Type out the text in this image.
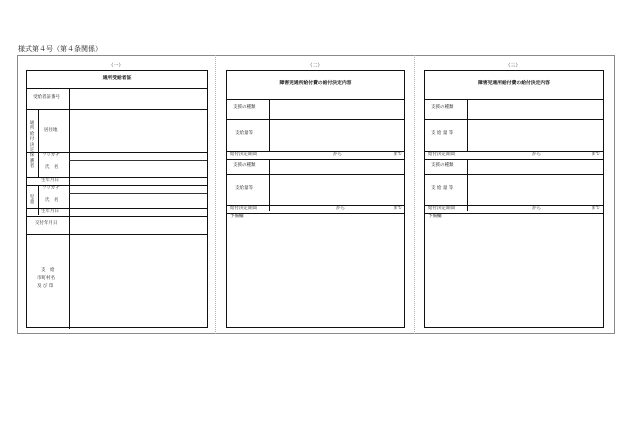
様式第４号（第４条関係）
（一）
通所受給者証
受給者証番号
通所給付決定保護者
居住地
フリガナ
氏　名
生年月日
児童
フリガナ
氏　名
生年月日
交付年月日
支　給
市町村名
及 び 印
（二）
障害児通所給付費の給付決定内容
支援の種類
支給量等
給付決定期間	から	まで
支援の種類
支給量等
給付決定期間	から	まで
予備欄
（三）
障害児通所給付費の給付決定内容
支援の種類
支 給 量 等
給付決定期間	から	まで
支援の種類
支 給 量 等
給付決定期間	から	まで
予備欄
